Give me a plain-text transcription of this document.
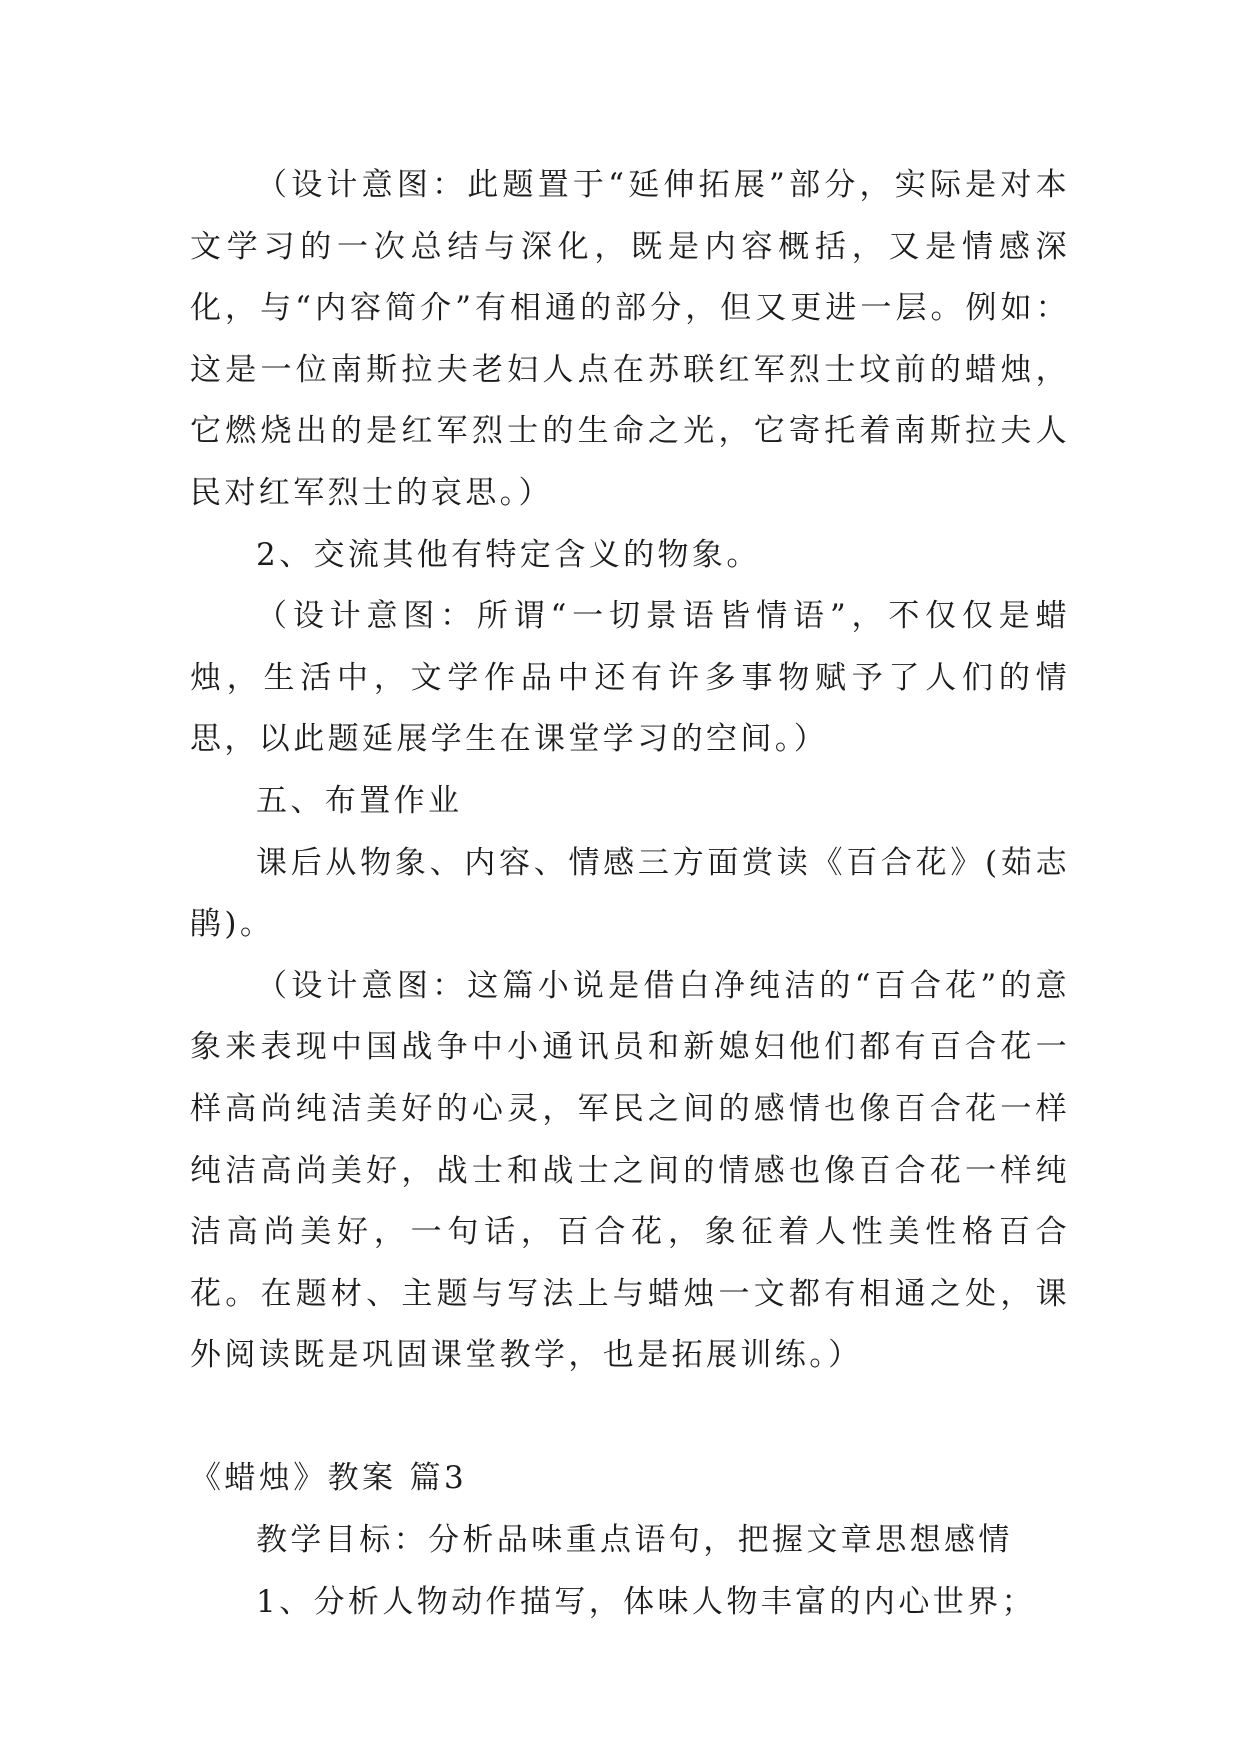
（设计意图：此题置于“延伸拓展”部分，实际是对本文学习的一次总结与深化，既是内容概括，又是情感深化，与“内容简介”有相通的部分，但又更进一层。例如：这是一位南斯拉夫老妇人点在苏联红军烈士坟前的蜡烛，它燃烧出的是红军烈士的生命之光，它寄托着南斯拉夫人民对红军烈士的哀思。）

2、交流其他有特定含义的物象。

（设计意图：所谓“一切景语皆情语”，不仅仅是蜡烛，生活中，文学作品中还有许多事物赋予了人们的情思，以此题延展学生在课堂学习的空间。）

五、布置作业

课后从物象、内容、情感三方面赏读《百合花》(茹志鹃)。

（设计意图：这篇小说是借白净纯洁的“百合花”的意象来表现中国战争中小通讯员和新媳妇他们都有百合花一样高尚纯洁美好的心灵，军民之间的感情也像百合花一样纯洁高尚美好，战士和战士之间的情感也像百合花一样纯洁高尚美好，一句话，百合花，象征着人性美性格百合花。在题材、主题与写法上与蜡烛一文都有相通之处，课外阅读既是巩固课堂教学，也是拓展训练。）

《蜡烛》教案 篇3

教学目标：分析品味重点语句，把握文章思想感情

1、分析人物动作描写，体味人物丰富的内心世界；
